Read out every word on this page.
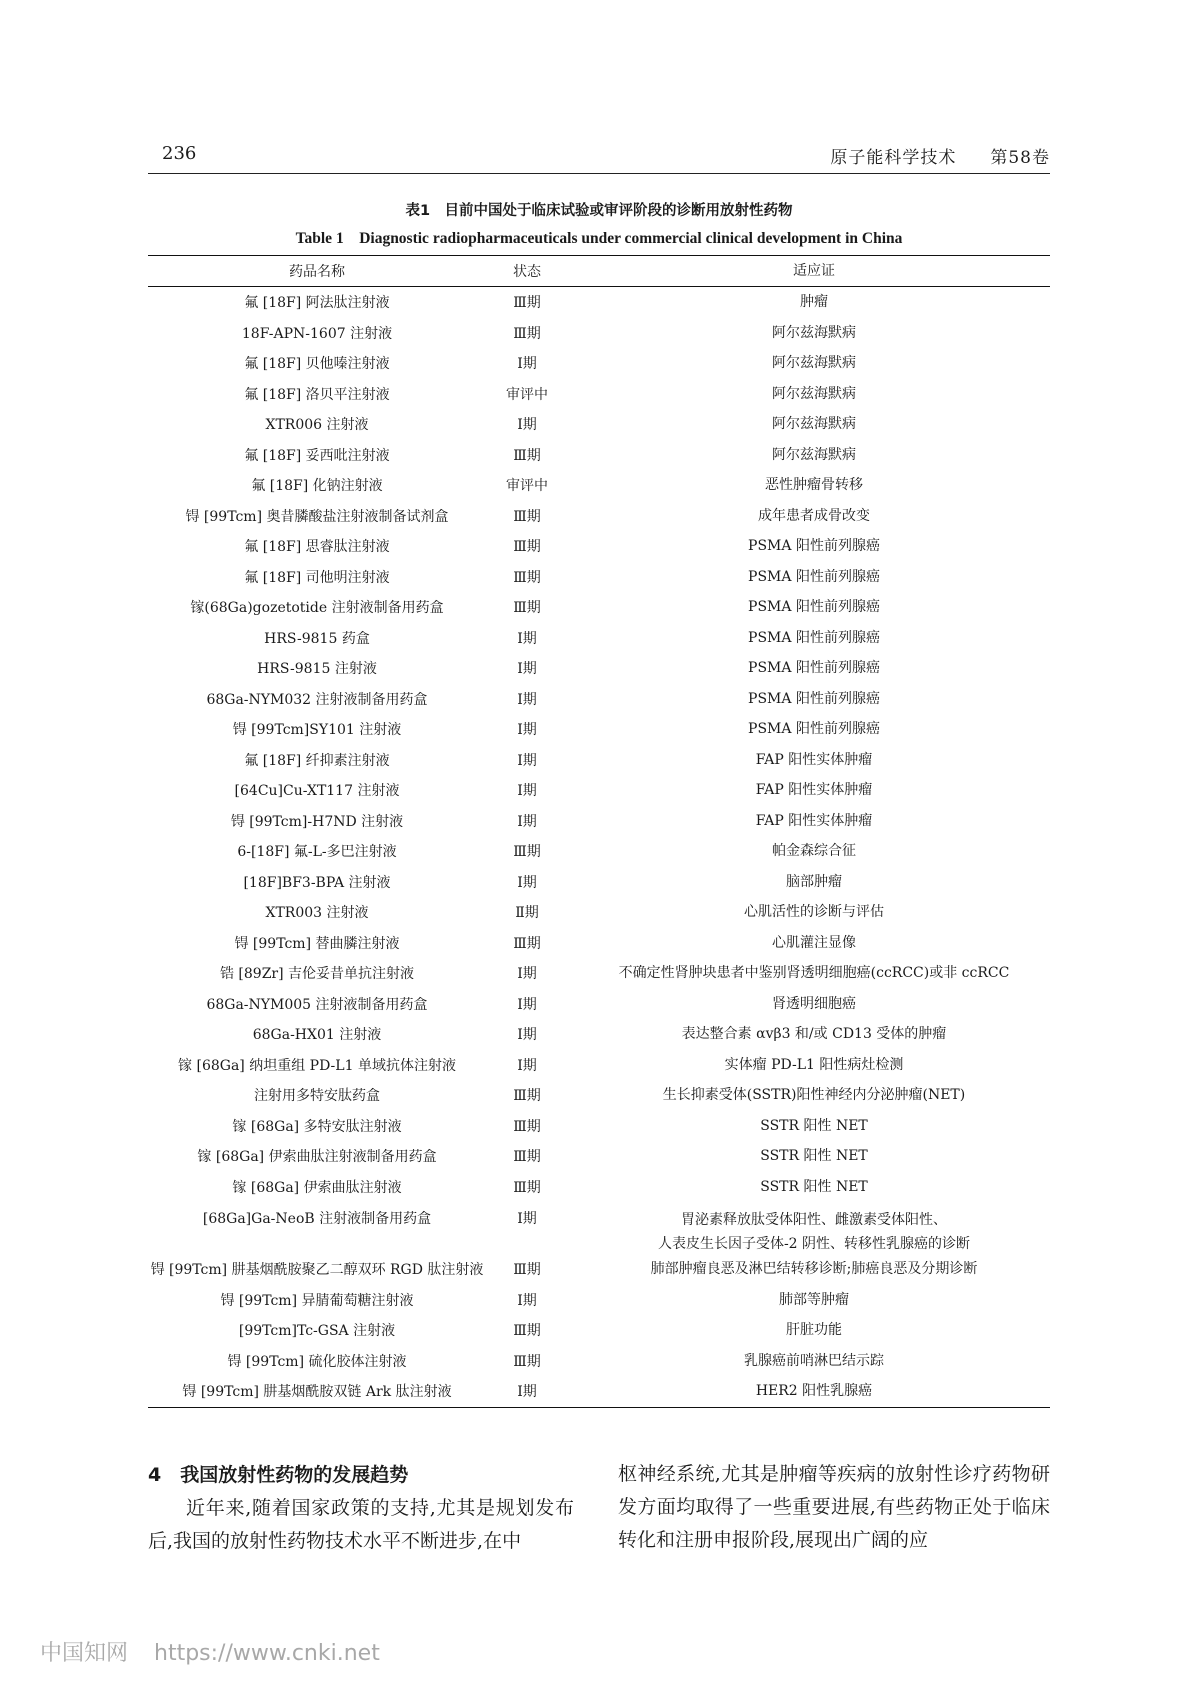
236	原子能科学技术 第58卷
表1　目前中国处于临床试验或审评阶段的诊断用放射性药物
Table 1　Diagnostic radiopharmaceuticals under commercial clinical development in China
药品名称	状态	适应证
氟 [18F] 阿法肽注射液	Ⅲ期	肿瘤
18F-APN-1607 注射液	Ⅲ期	阿尔兹海默病
氟 [18F] 贝他嗪注射液	Ⅰ期	阿尔兹海默病
氟 [18F] 洛贝平注射液	审评中	阿尔兹海默病
XTR006 注射液	Ⅰ期	阿尔兹海默病
氟 [18F] 妥西吡注射液	Ⅲ期	阿尔兹海默病
氟 [18F] 化钠注射液	审评中	恶性肿瘤骨转移
锝 [99Tcm] 奥昔膦酸盐注射液制备试剂盒	Ⅲ期	成年患者成骨改变
氟 [18F] 思睿肽注射液	Ⅲ期	PSMA 阳性前列腺癌
氟 [18F] 司他明注射液	Ⅲ期	PSMA 阳性前列腺癌
镓(68Ga)gozetotide 注射液制备用药盒	Ⅲ期	PSMA 阳性前列腺癌
HRS-9815 药盒	Ⅰ期	PSMA 阳性前列腺癌
HRS-9815 注射液	Ⅰ期	PSMA 阳性前列腺癌
68Ga-NYM032 注射液制备用药盒	Ⅰ期	PSMA 阳性前列腺癌
锝 [99Tcm]SY101 注射液	Ⅰ期	PSMA 阳性前列腺癌
氟 [18F] 纤抑素注射液	Ⅰ期	FAP 阳性实体肿瘤
[64Cu]Cu-XT117 注射液	Ⅰ期	FAP 阳性实体肿瘤
锝 [99Tcm]-H7ND 注射液	Ⅰ期	FAP 阳性实体肿瘤
6-[18F] 氟-L-多巴注射液	Ⅲ期	帕金森综合征
[18F]BF3-BPA 注射液	Ⅰ期	脑部肿瘤
XTR003 注射液	Ⅱ期	心肌活性的诊断与评估
锝 [99Tcm] 替曲膦注射液	Ⅲ期	心肌灌注显像
锆 [89Zr] 吉伦妥昔单抗注射液	Ⅰ期	不确定性肾肿块患者中鉴别肾透明细胞癌(ccRCC)或非 ccRCC
68Ga-NYM005 注射液制备用药盒	Ⅰ期	肾透明细胞癌
68Ga-HX01 注射液	Ⅰ期	表达整合素 αvβ3 和/或 CD13 受体的肿瘤
镓 [68Ga] 纳坦重组 PD-L1 单域抗体注射液	Ⅰ期	实体瘤 PD-L1 阳性病灶检测
注射用多特安肽药盒	Ⅲ期	生长抑素受体(SSTR)阳性神经内分泌肿瘤(NET)
镓 [68Ga] 多特安肽注射液	Ⅲ期	SSTR 阳性 NET
镓 [68Ga] 伊索曲肽注射液制备用药盒	Ⅲ期	SSTR 阳性 NET
镓 [68Ga] 伊索曲肽注射液	Ⅲ期	SSTR 阳性 NET
[68Ga]Ga-NeoB 注射液制备用药盒	Ⅰ期	胃泌素释放肽受体阳性、雌激素受体阳性、
人表皮生长因子受体-2 阴性、转移性乳腺癌的诊断
锝 [99Tcm] 肼基烟酰胺聚乙二醇双环 RGD 肽注射液	Ⅲ期	肺部肿瘤良恶及淋巴结转移诊断;肺癌良恶及分期诊断
锝 [99Tcm] 异腈葡萄糖注射液	Ⅰ期	肺部等肿瘤
[99Tcm]Tc-GSA 注射液	Ⅲ期	肝脏功能
锝 [99Tcm] 硫化胶体注射液	Ⅲ期	乳腺癌前哨淋巴结示踪
锝 [99Tcm] 肼基烟酰胺双链 Ark 肽注射液	Ⅰ期	HER2 阳性乳腺癌
4　我国放射性药物的发展趋势
近年来,随着国家政策的支持,尤其是规划发布后,我国的放射性药物技术水平不断进步,在中
枢神经系统,尤其是肿瘤等疾病的放射性诊疗药物研发方面均取得了一些重要进展,有些药物正处于临床转化和注册申报阶段,展现出广阔的应
中国知网 https://www.cnki.net
